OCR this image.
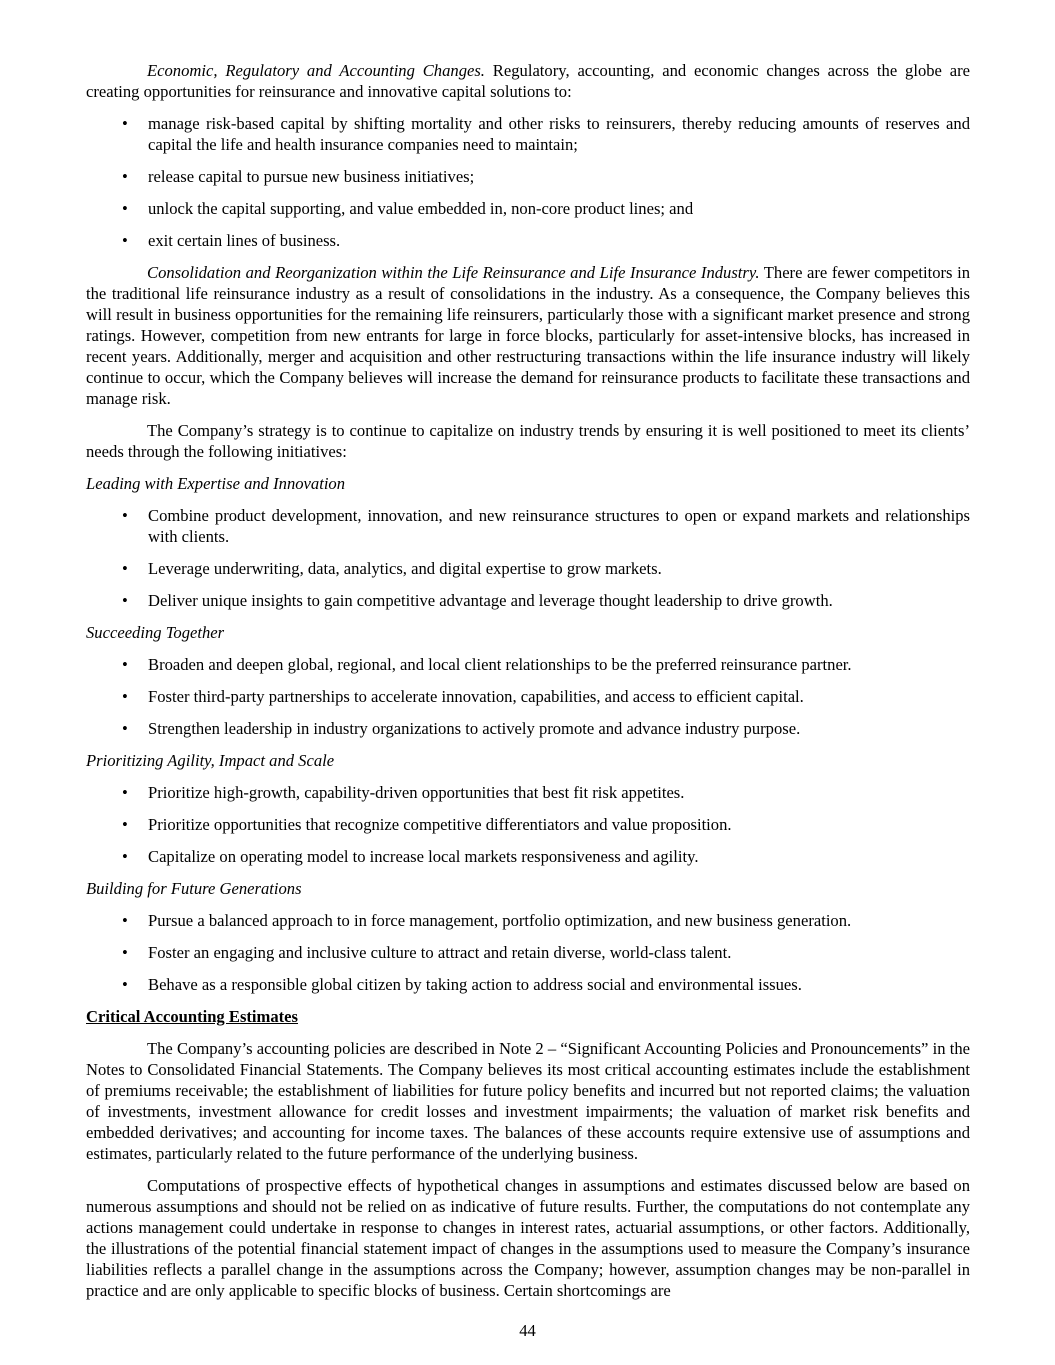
Economic, Regulatory and Accounting Changes. Regulatory, accounting, and economic changes across the globe are creating opportunities for reinsurance and innovative capital solutions to:

• manage risk-based capital by shifting mortality and other risks to reinsurers, thereby reducing amounts of reserves and capital the life and health insurance companies need to maintain;
• release capital to pursue new business initiatives;
• unlock the capital supporting, and value embedded in, non-core product lines; and
• exit certain lines of business.

Consolidation and Reorganization within the Life Reinsurance and Life Insurance Industry. There are fewer competitors in the traditional life reinsurance industry as a result of consolidations in the industry. As a consequence, the Company believes this will result in business opportunities for the remaining life reinsurers, particularly those with a significant market presence and strong ratings. However, competition from new entrants for large in force blocks, particularly for asset-intensive blocks, has increased in recent years. Additionally, merger and acquisition and other restructuring transactions within the life insurance industry will likely continue to occur, which the Company believes will increase the demand for reinsurance products to facilitate these transactions and manage risk.

The Company’s strategy is to continue to capitalize on industry trends by ensuring it is well positioned to meet its clients’ needs through the following initiatives:

Leading with Expertise and Innovation
• Combine product development, innovation, and new reinsurance structures to open or expand markets and relationships with clients.
• Leverage underwriting, data, analytics, and digital expertise to grow markets.
• Deliver unique insights to gain competitive advantage and leverage thought leadership to drive growth.
Succeeding Together
• Broaden and deepen global, regional, and local client relationships to be the preferred reinsurance partner.
• Foster third-party partnerships to accelerate innovation, capabilities, and access to efficient capital.
• Strengthen leadership in industry organizations to actively promote and advance industry purpose.
Prioritizing Agility, Impact and Scale
• Prioritize high-growth, capability-driven opportunities that best fit risk appetites.
• Prioritize opportunities that recognize competitive differentiators and value proposition.
• Capitalize on operating model to increase local markets responsiveness and agility.
Building for Future Generations
• Pursue a balanced approach to in force management, portfolio optimization, and new business generation.
• Foster an engaging and inclusive culture to attract and retain diverse, world-class talent.
• Behave as a responsible global citizen by taking action to address social and environmental issues.
Critical Accounting Estimates

The Company’s accounting policies are described in Note 2 – “Significant Accounting Policies and Pronouncements” in the Notes to Consolidated Financial Statements. The Company believes its most critical accounting estimates include the establishment of premiums receivable; the establishment of liabilities for future policy benefits and incurred but not reported claims; the valuation of investments, investment allowance for credit losses and investment impairments; the valuation of market risk benefits and embedded derivatives; and accounting for income taxes. The balances of these accounts require extensive use of assumptions and estimates, particularly related to the future performance of the underlying business.

Computations of prospective effects of hypothetical changes in assumptions and estimates discussed below are based on numerous assumptions and should not be relied on as indicative of future results. Further, the computations do not contemplate any actions management could undertake in response to changes in interest rates, actuarial assumptions, or other factors. Additionally, the illustrations of the potential financial statement impact of changes in the assumptions used to measure the Company’s insurance liabilities reflects a parallel change in the assumptions across the Company; however, assumption changes may be non-parallel in practice and are only applicable to specific blocks of business. Certain shortcomings are

44
